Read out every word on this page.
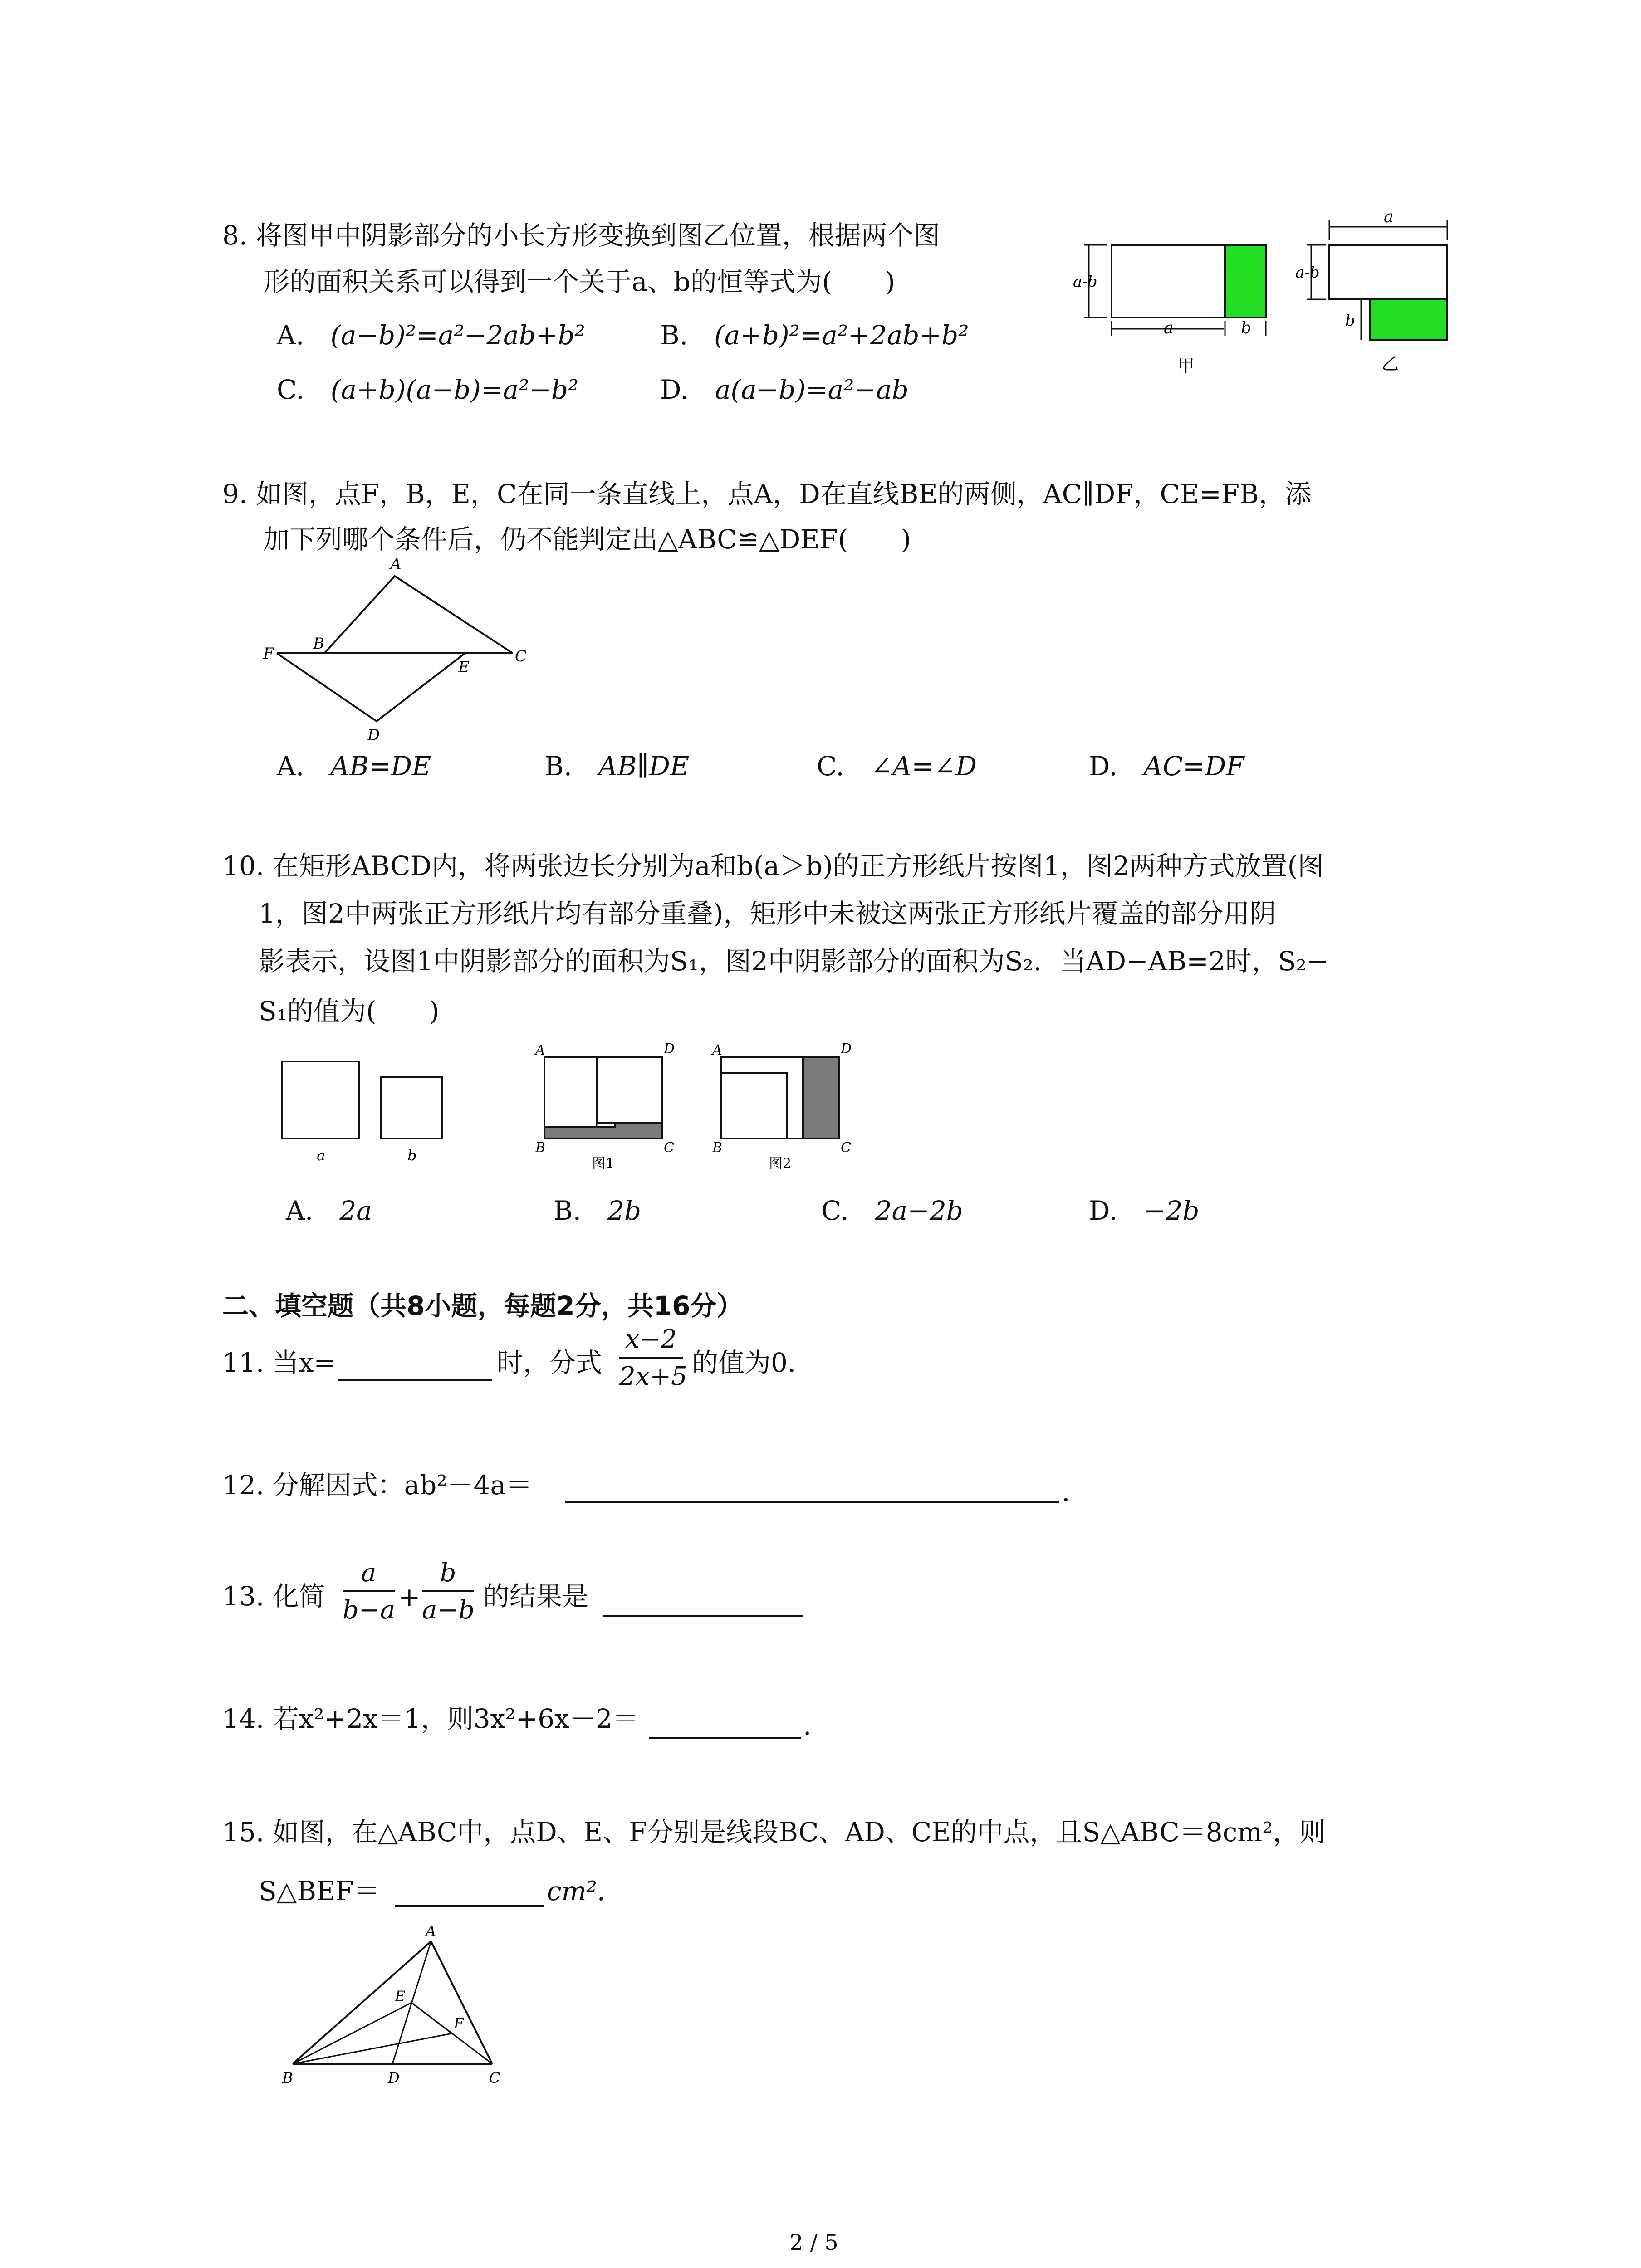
8. 将图甲中阴影部分的小长方形变换到图乙位置，根据两个图
形的面积关系可以得到一个关于a、b的恒等式为(　　)
A.　 (a−b)²=a²−2ab+b²	B.　 (a+b)²=a²+2ab+b²
C.　 (a+b)(a−b)=a²−b²	D.　 a(a−b)=a²−ab
a-b
a	b
甲
a
a-b
b
乙
9. 如图，点F，B，E，C在同一条直线上，点A，D在直线BE的两侧，AC∥DF，CE=FB，添
加下列哪个条件后，仍不能判定出△ABC≌△DEF(　　)
A
B
F
E
C
D
A.　 AB=DE	B.　 AB∥DE	C.　 ∠A=∠D	D.　 AC=DF
10. 在矩形ABCD内，将两张边长分别为a和b(a＞b)的正方形纸片按图1，图2两种方式放置(图
1，图2中两张正方形纸片均有部分重叠)，矩形中未被这两张正方形纸片覆盖的部分用阴
影表示，设图1中阴影部分的面积为S₁，图2中阴影部分的面积为S₂．当AD−AB=2时，S₂−
S₁的值为(　　)
a	b
A	D
B	C
图1
A	D
B	C
图2
A.　 2a	B.　 2b	C.　 2a−2b	D.　 −2b
二、填空题（共8小题，每题2分，共16分）
11. 当x=	时，分式 $\frac{x-2}{2x+5}$ 的值为0.
12. 分解因式：ab²－4a＝	.
13. 化简 $\frac{a}{b-a} + \frac{b}{a-b}$ 的结果是
14. 若x²+2x＝1，则3x²+6x－2＝	.
15. 如图，在△ABC中，点D、E、F分别是线段BC、AD、CE的中点，且S△ABC＝8cm²，则
S△BEF＝	cm².
A
E
F
B	D	C
2 / 5
